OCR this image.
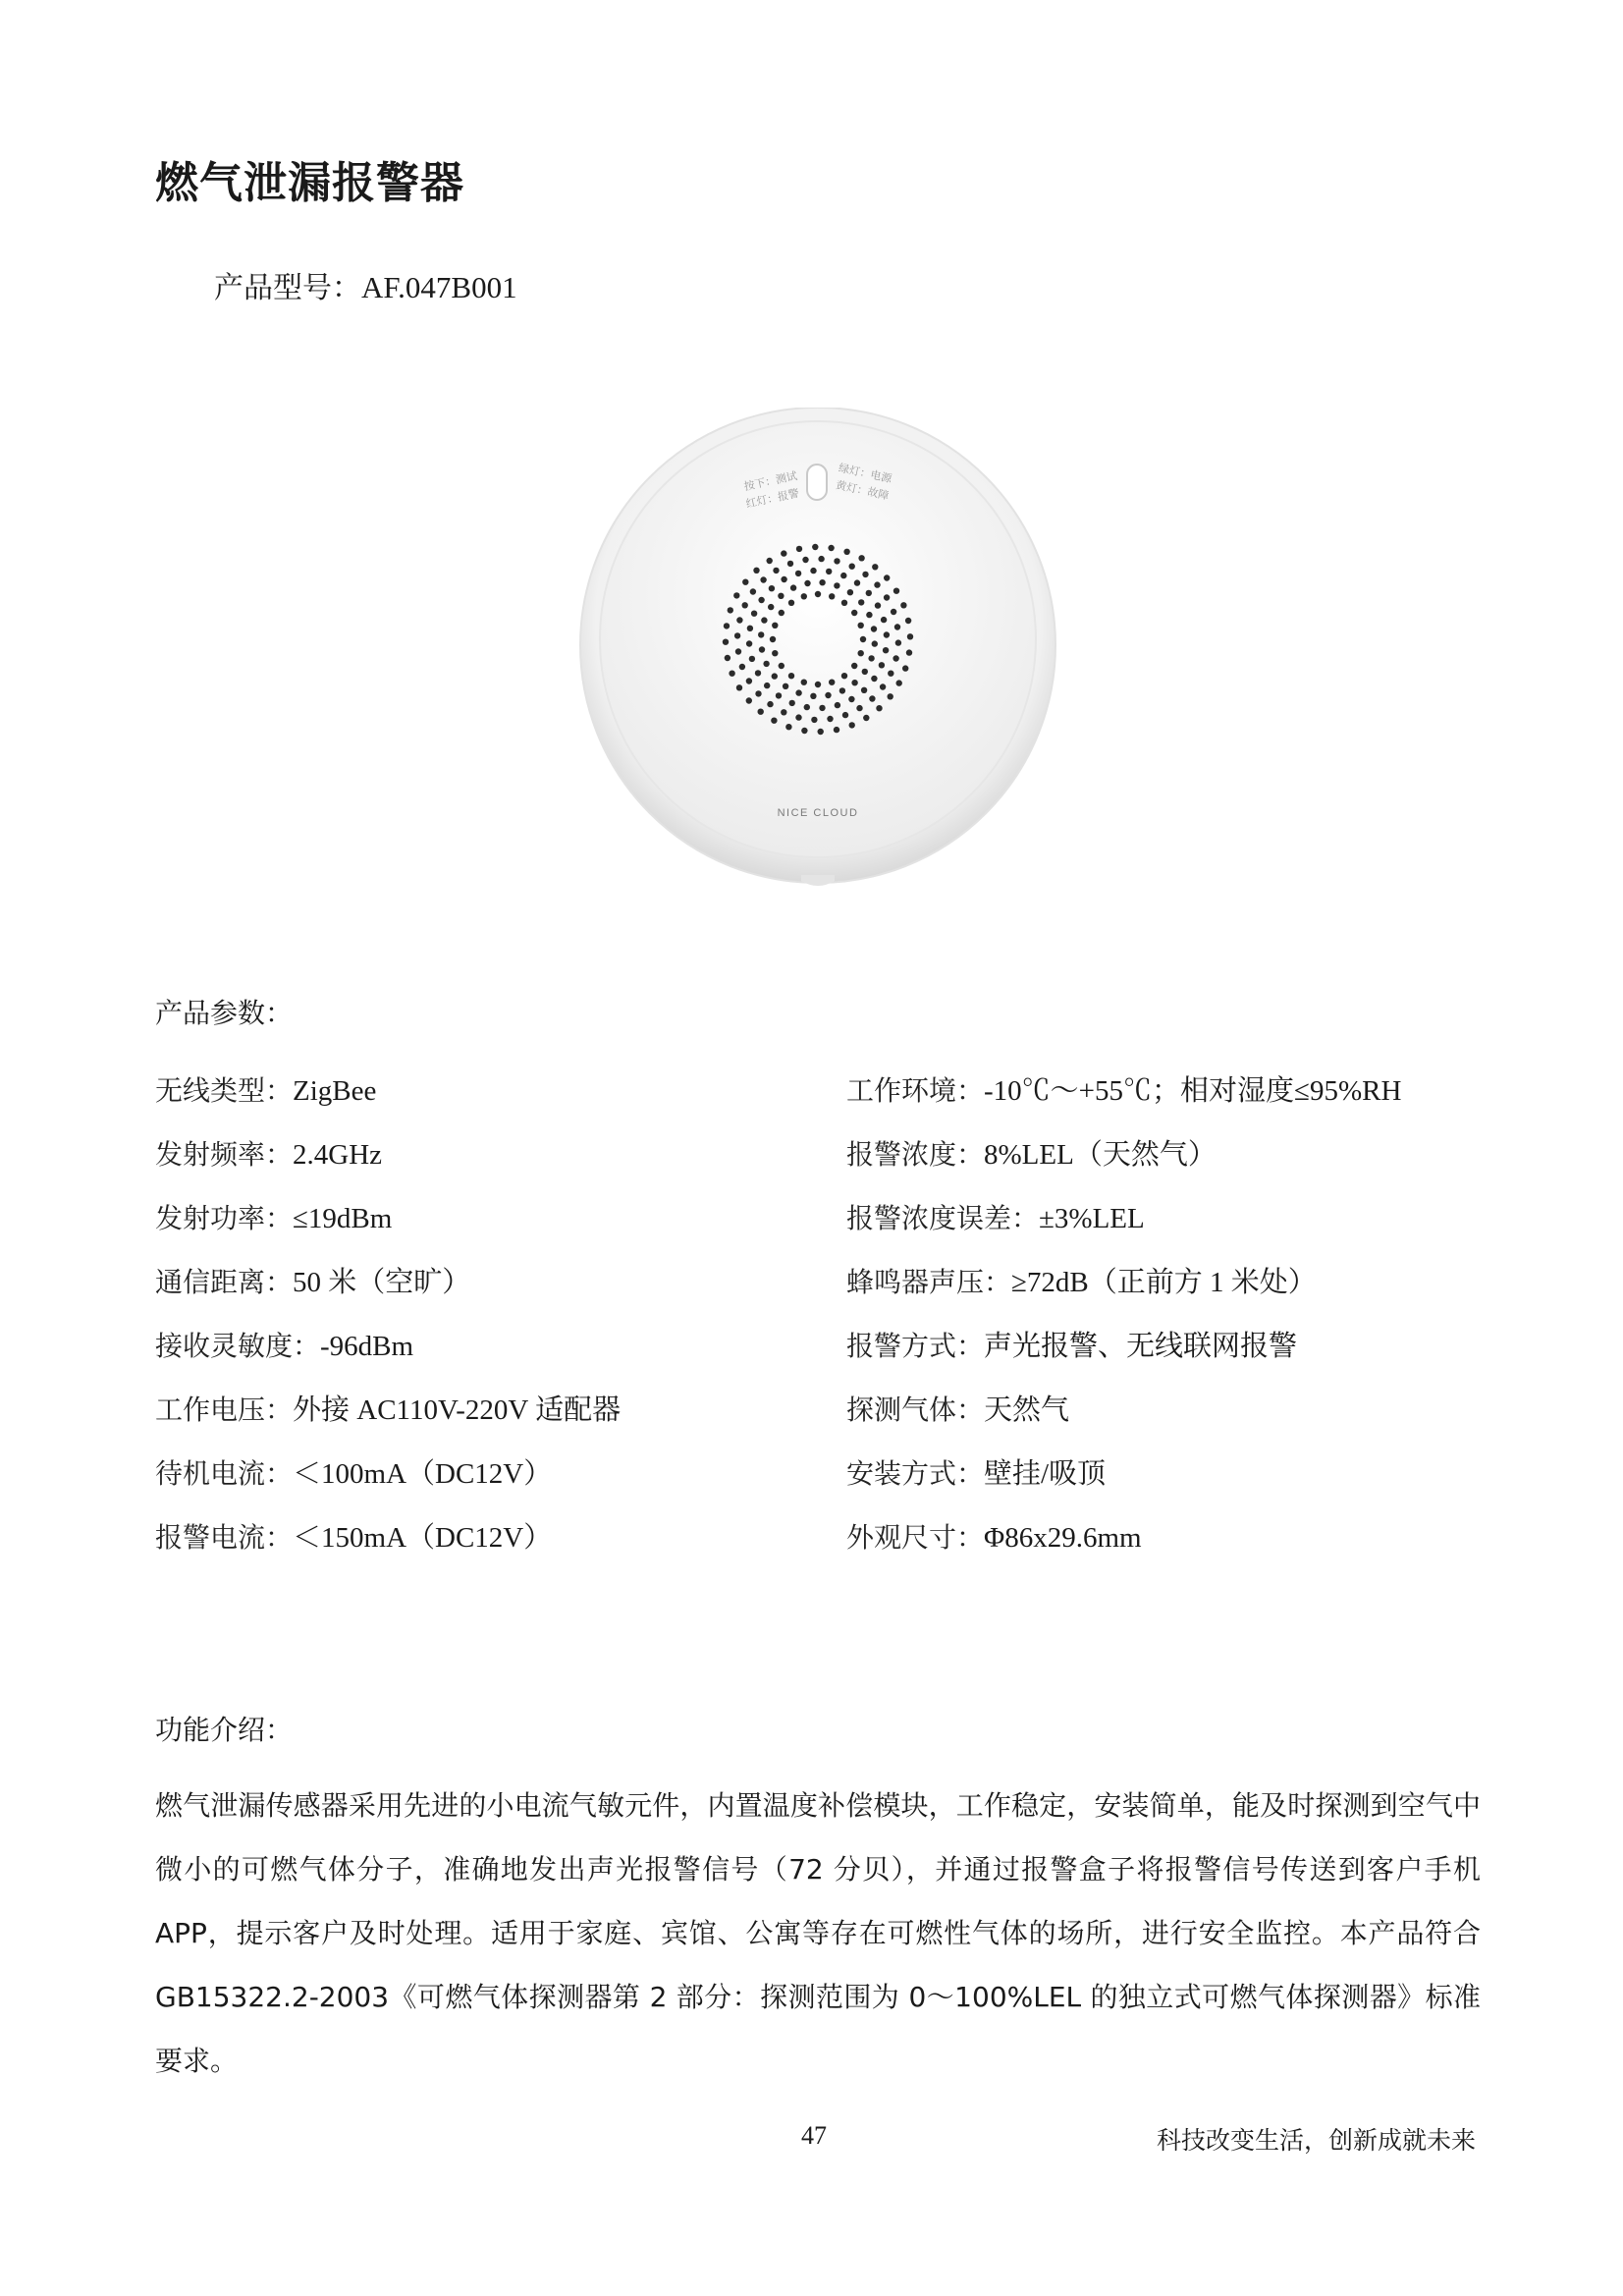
燃气泄漏报警器
产品型号：AF.047B001
按下：测试
红灯：报警
绿灯：电源
黄灯：故障
NICE CLOUD
产品参数：
无线类型：ZigBee
发射频率：2.4GHz
发射功率：≤19dBm
通信距离：50 米（空旷）
接收灵敏度：-96dBm
工作电压：外接 AC110V-220V 适配器
待机电流：＜100mA（DC12V）
报警电流：＜150mA（DC12V）
工作环境：-10℃～+55℃；相对湿度≤95%RH
报警浓度：8%LEL（天然气）
报警浓度误差：±3%LEL
蜂鸣器声压：≥72dB（正前方 1 米处）
报警方式：声光报警、无线联网报警
探测气体：天然气
安装方式：壁挂/吸顶
外观尺寸：Φ86x29.6mm
功能介绍：
燃气泄漏传感器采用先进的小电流气敏元件，内置温度补偿模块，工作稳定，安装简单，能及时探测到空气中微小的可燃气体分子，准确地发出声光报警信号（72 分贝），并通过报警盒子将报警信号传送到客户手机 APP，提示客户及时处理。适用于家庭、宾馆、公寓等存在可燃性气体的场所，进行安全监控。本产品符合 GB15322.2-2003《可燃气体探测器第 2 部分：探测范围为 0～100%LEL 的独立式可燃气体探测器》标准要求。
47	科技改变生活，创新成就未来
